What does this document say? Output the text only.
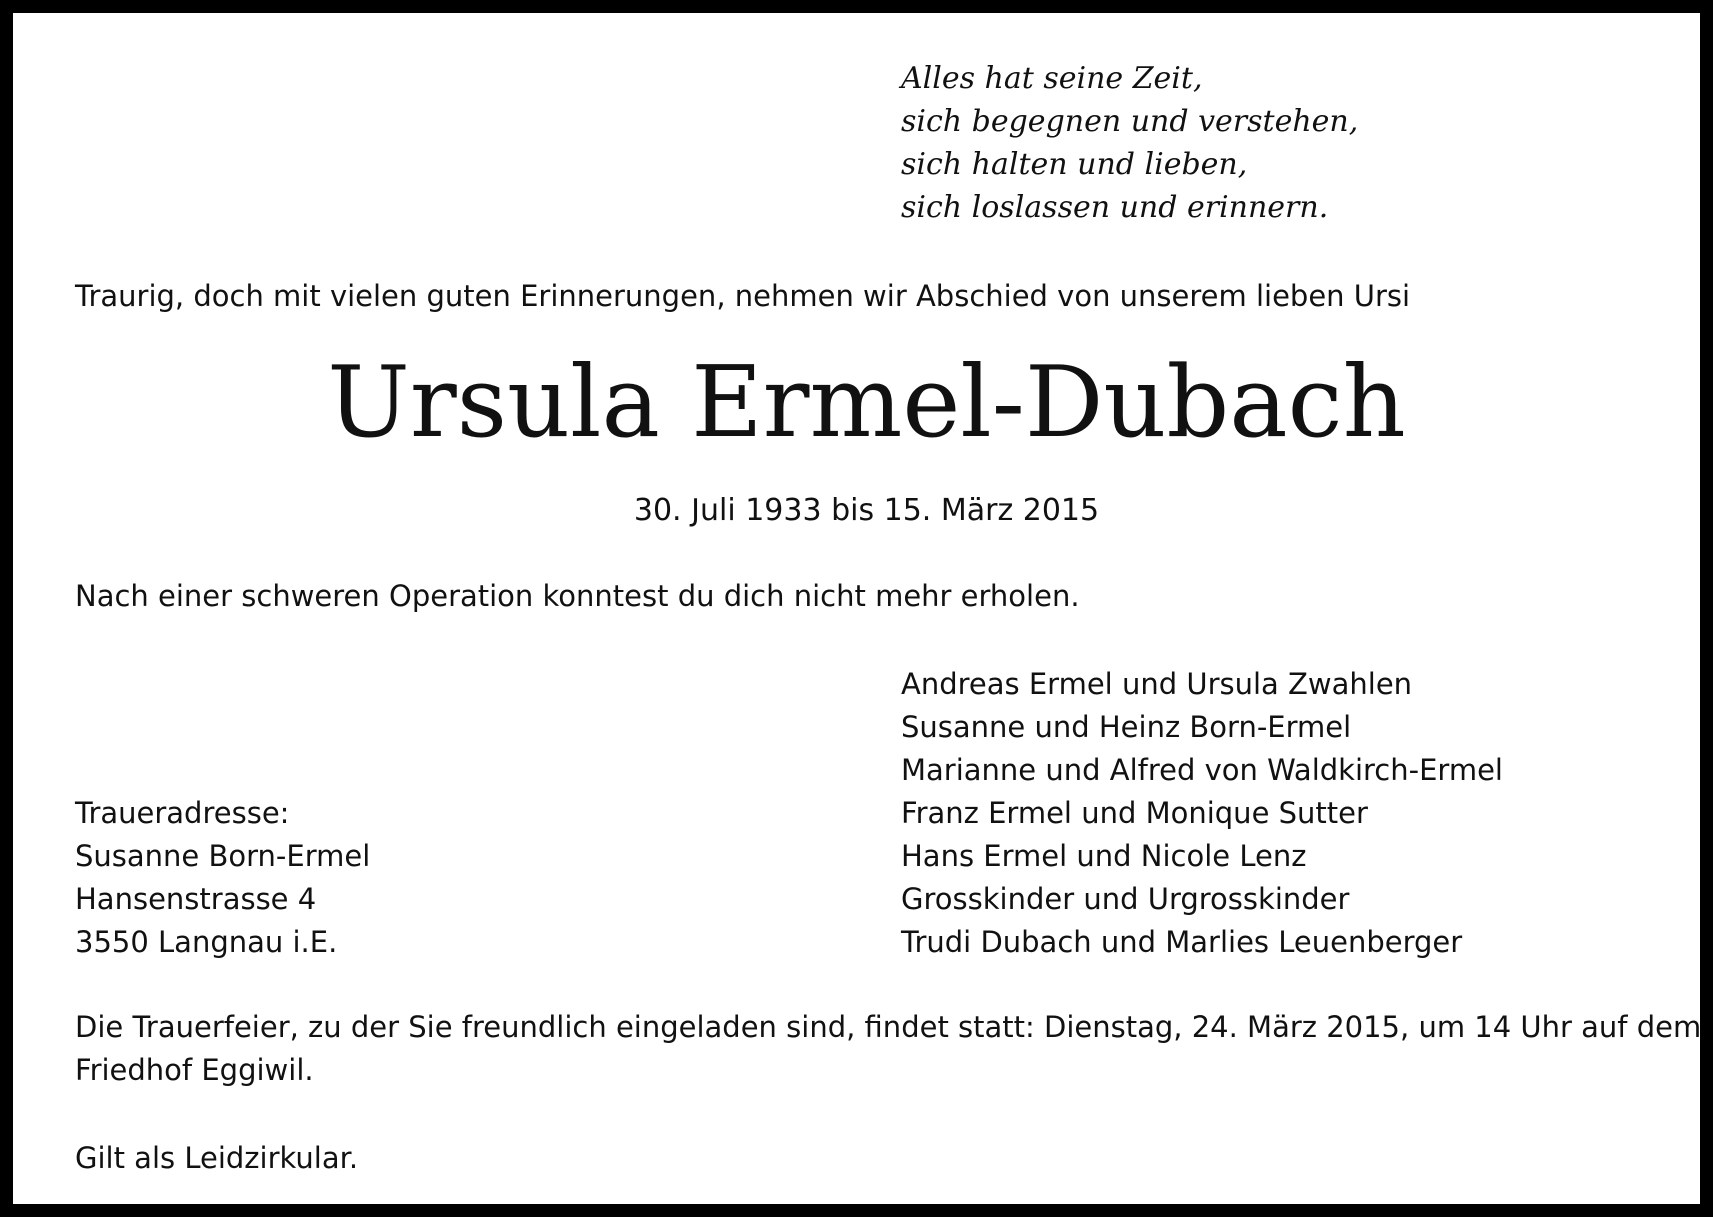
Alles hat seine Zeit,
sich begegnen und verstehen,
sich halten und lieben,
sich loslassen und erinnern.
Traurig, doch mit vielen guten Erinnerungen, nehmen wir Abschied von unserem lieben Ursi
Ursula Ermel-Dubach
30. Juli 1933 bis 15. März 2015
Nach einer schweren Operation konntest du dich nicht mehr erholen.
Andreas Ermel und Ursula Zwahlen
Susanne und Heinz Born-Ermel
Marianne und Alfred von Waldkirch-Ermel
Franz Ermel und Monique Sutter
Hans Ermel und Nicole Lenz
Grosskinder und Urgrosskinder
Trudi Dubach und Marlies Leuenberger
Traueradresse:
Susanne Born-Ermel
Hansenstrasse 4
3550 Langnau i.E.
Die Trauerfeier, zu der Sie freundlich eingeladen sind, findet statt: Dienstag, 24. März 2015, um 14 Uhr auf dem
Friedhof Eggiwil.
Gilt als Leidzirkular.
